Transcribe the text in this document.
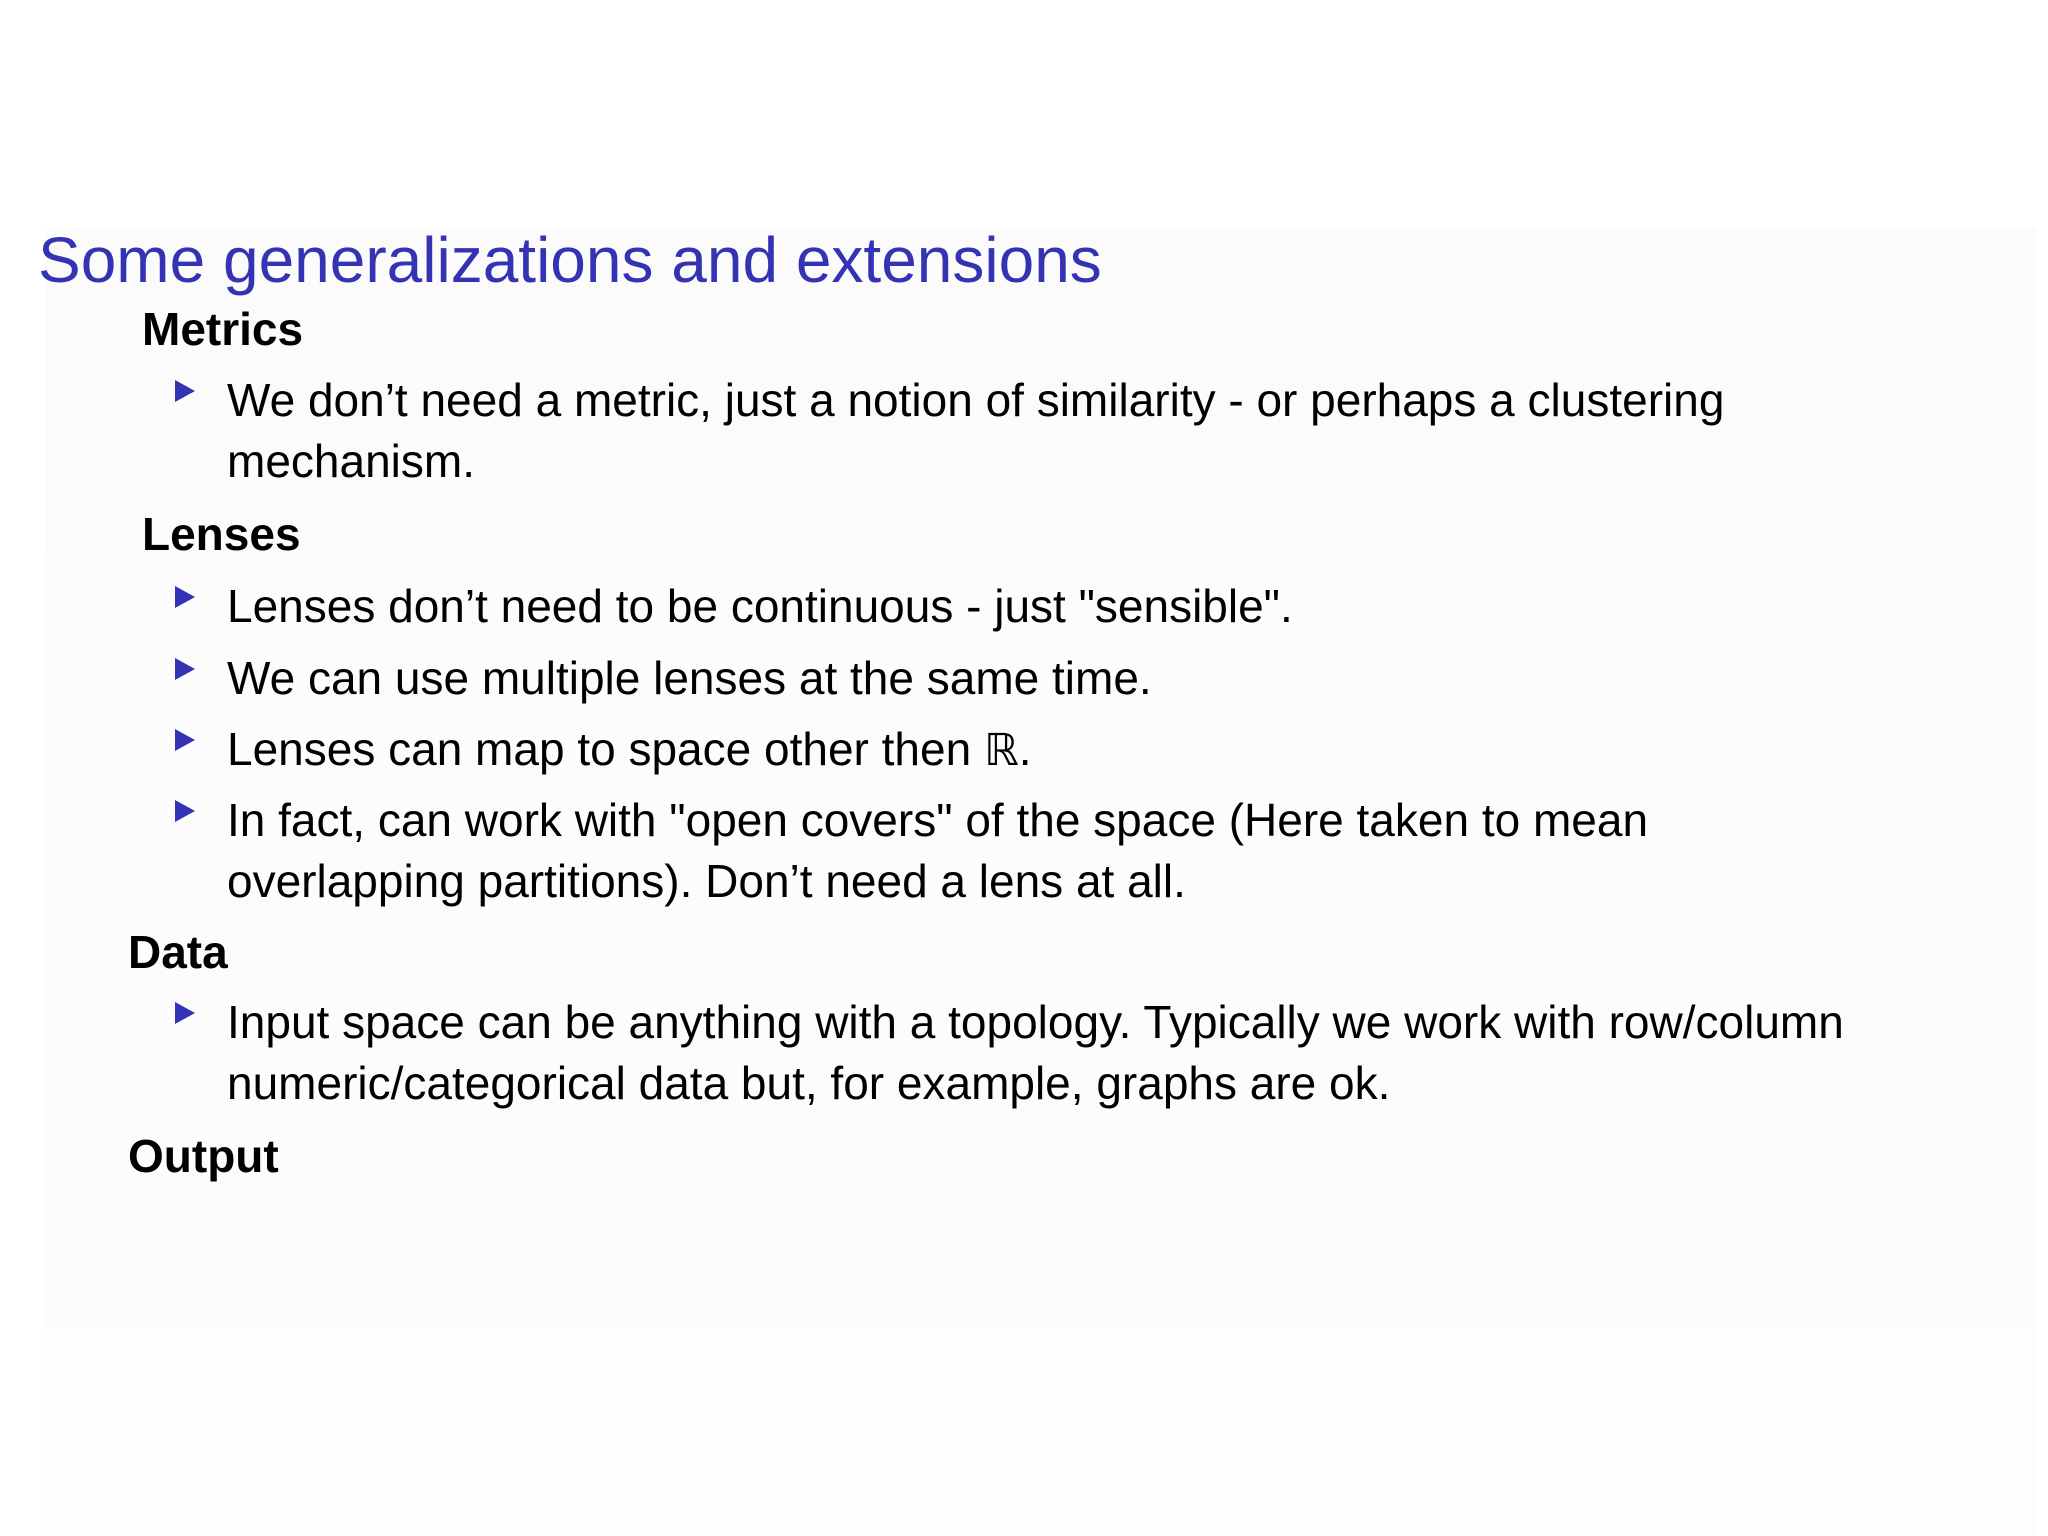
Some generalizations and extensions
Metrics
We don’t need a metric, just a notion of similarity - or perhaps a clustering mechanism.
Lenses
Lenses don’t need to be continuous - just "sensible".
We can use multiple lenses at the same time.
Lenses can map to space other then ℝ.
In fact, can work with "open covers" of the space (Here taken to mean overlapping partitions). Don’t need a lens at all.
Data
Input space can be anything with a topology. Typically we work with row/column numeric/categorical data but, for example, graphs are ok.
Output
